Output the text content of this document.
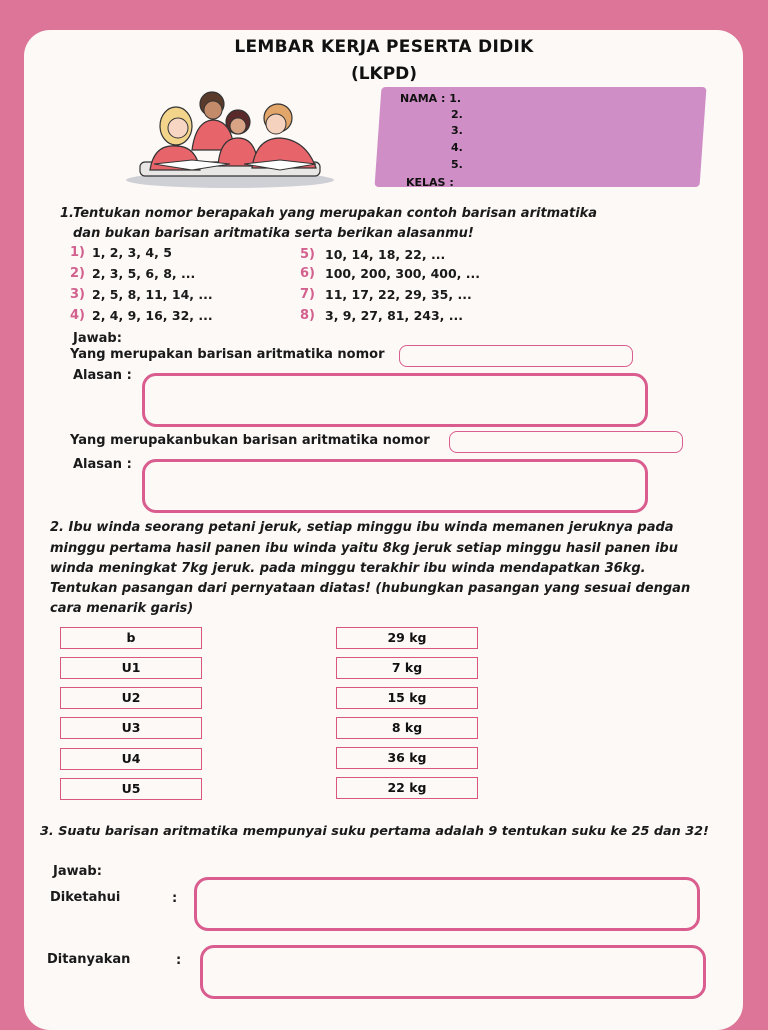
LEMBAR KERJA PESERTA DIDIK
(LKPD)
NAMA : 1.
2.
3.
4.
5.
KELAS :
1. Tentukan nomor berapakah yang merupakan contoh barisan aritmatika
dan bukan barisan aritmatika serta berikan alasanmu!
1) 1, 2, 3, 4, 5
2) 2, 3, 5, 6, 8, ...
3) 2, 5, 8, 11, 14, ...
4) 2, 4, 9, 16, 32, ...
5) 10, 14, 18, 22, ...
6) 100, 200, 300, 400, ...
7) 11, 17, 22, 29, 35, ...
8) 3, 9, 27, 81, 243, ...
Jawab:
Yang merupakan barisan aritmatika nomor
Alasan :
Yang merupakanbukan barisan aritmatika nomor
Alasan :
2. Ibu winda seorang petani jeruk, setiap minggu ibu winda memanen jeruknya pada
minggu pertama hasil panen ibu winda yaitu 8kg jeruk setiap minggu hasil panen ibu
winda meningkat 7kg jeruk. pada minggu terakhir ibu winda mendapatkan 36kg.
Tentukan pasangan dari pernyataan diatas! (hubungkan pasangan yang sesuai dengan
cara menarik garis)
b
U1
U2
U3
U4
U5
29 kg
7 kg
15 kg
8 kg
36 kg
22 kg
3. Suatu barisan aritmatika mempunyai suku pertama adalah 9 tentukan suku ke 25 dan 32!
Jawab:
Diketahui	:
Ditanyakan	:
